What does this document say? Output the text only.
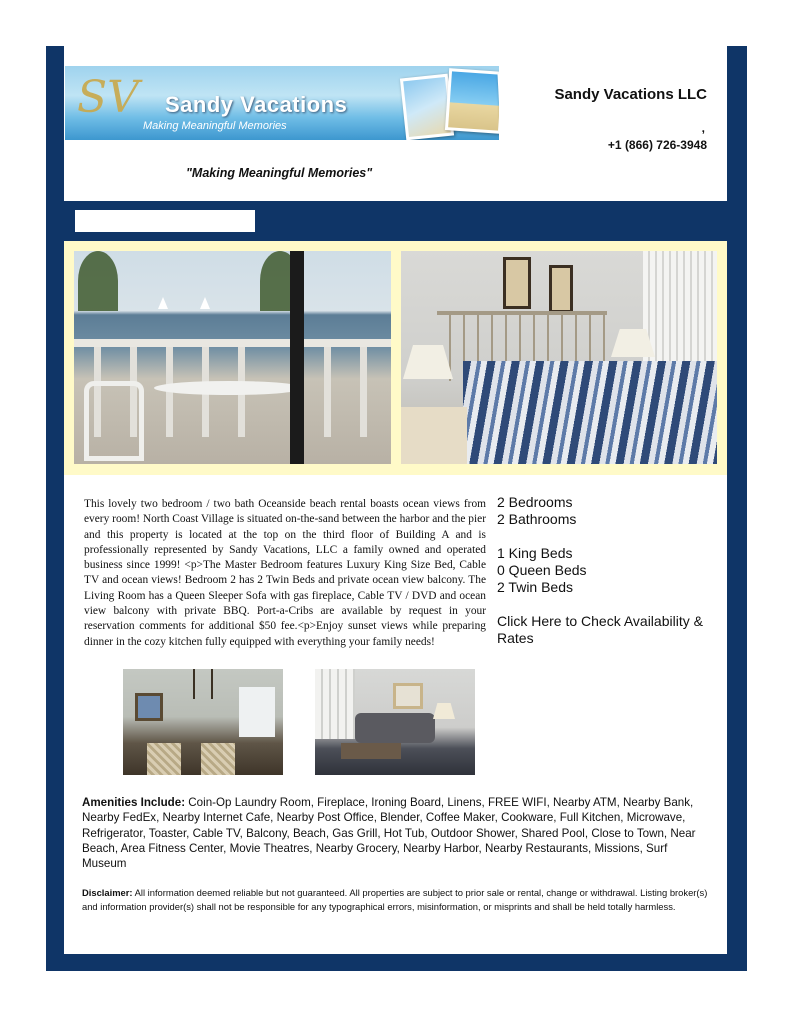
SV Sandy Vacations
Making Meaningful Memories
Sandy Vacations LLC
,
+1 (866) 726-3948
"Making Meaningful Memories"
This lovely two bedroom / two bath Oceanside beach rental boasts ocean views from every room! North Coast Village is situated on-the-sand between the harbor and the pier and this property is located at the top on the third floor of Building A and is professionally represented by Sandy Vacations, LLC a family owned and operated business since 1999! <p>The Master Bedroom features Luxury King Size Bed, Cable TV and ocean views! Bedroom 2 has 2 Twin Beds and private ocean view balcony. The Living Room has a Queen Sleeper Sofa with gas fireplace, Cable TV / DVD and ocean view balcony with private BBQ. Port-a-Cribs are available by request in your reservation comments for additional $50 fee.<p>Enjoy sunset views while preparing dinner in the cozy kitchen fully equipped with everything your family needs!
2 Bedrooms
2 Bathrooms
1 King Beds
0 Queen Beds
2 Twin Beds
Click Here to Check Availability & Rates
Amenities Include: Coin-Op Laundry Room, Fireplace, Ironing Board, Linens, FREE WIFI, Nearby ATM, Nearby Bank, Nearby FedEx, Nearby Internet Cafe, Nearby Post Office, Blender, Coffee Maker, Cookware, Full Kitchen, Microwave, Refrigerator, Toaster, Cable TV, Balcony, Beach, Gas Grill, Hot Tub, Outdoor Shower, Shared Pool, Close to Town, Near Beach, Area Fitness Center, Movie Theatres, Nearby Grocery, Nearby Harbor, Nearby Restaurants, Missions, Surf Museum
Disclaimer: All information deemed reliable but not guaranteed. All properties are subject to prior sale or rental, change or withdrawal. Listing broker(s) and information provider(s) shall not be responsible for any typographical errors, misinformation, or misprints and shall be held totally harmless.
